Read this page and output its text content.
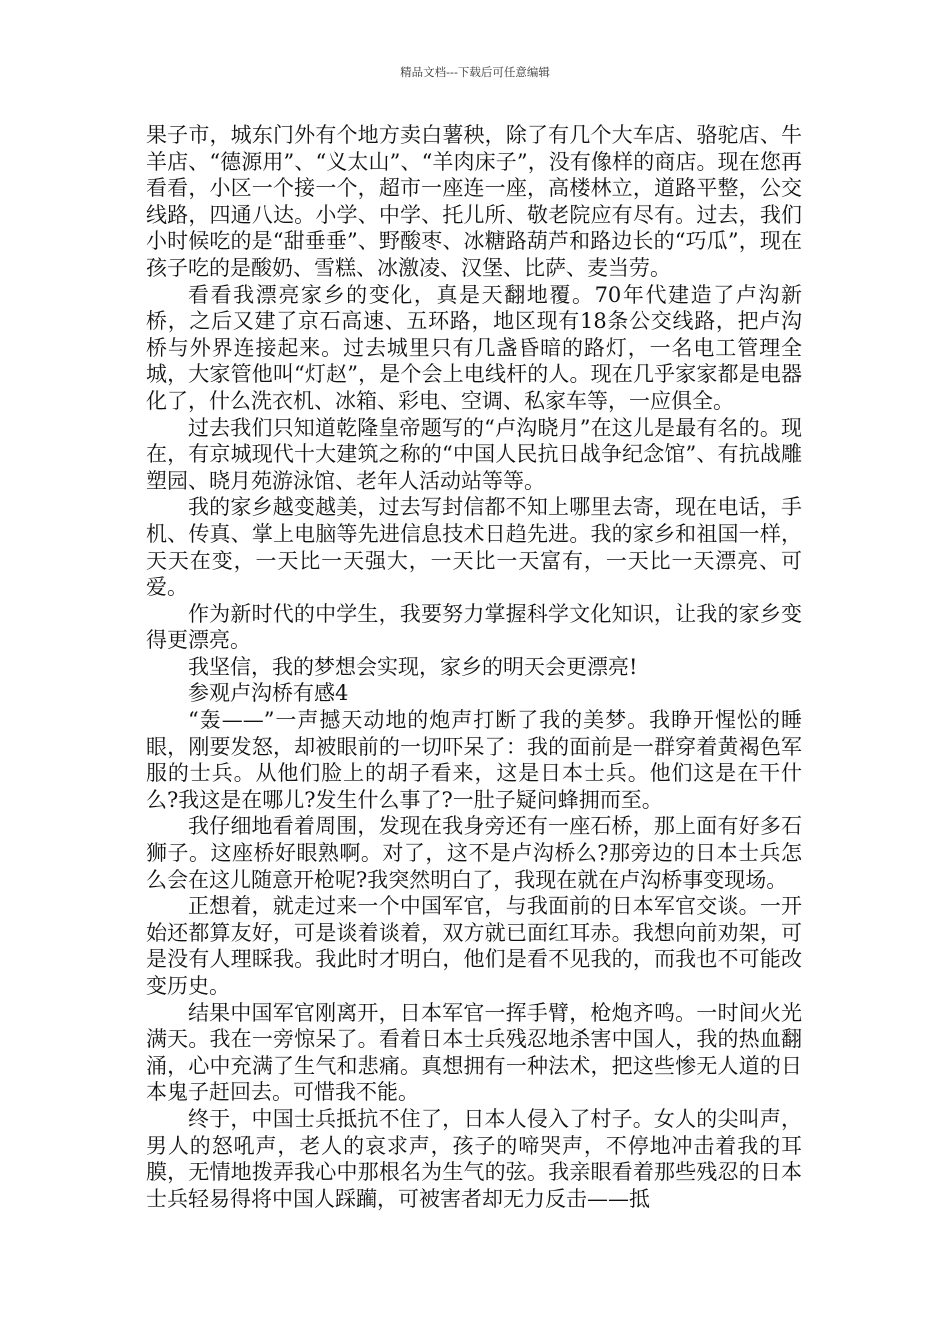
精品文档---下载后可任意编辑

果子市，城东门外有个地方卖白薯秧，除了有几个大车店、骆驼店、牛羊店、“德源用”、“义太山”、“羊肉床子”，没有像样的商店。现在您再看看，小区一个接一个，超市一座连一座，高楼林立，道路平整，公交线路，四通八达。小学、中学、托儿所、敬老院应有尽有。过去，我们小时候吃的是“甜垂垂”、野酸枣、冰糖路葫芦和路边长的“巧瓜”，现在孩子吃的是酸奶、雪糕、冰激凌、汉堡、比萨、麦当劳。

看看我漂亮家乡的变化，真是天翻地覆。70年代建造了卢沟新桥，之后又建了京石高速、五环路，地区现有18条公交线路，把卢沟桥与外界连接起来。过去城里只有几盏昏暗的路灯，一名电工管理全城，大家管他叫“灯赵”，是个会上电线杆的人。现在几乎家家都是电器化了，什么洗衣机、冰箱、彩电、空调、私家车等，一应俱全。

过去我们只知道乾隆皇帝题写的“卢沟晓月”在这儿是最有名的。现在，有京城现代十大建筑之称的“中国人民抗日战争纪念馆”、有抗战雕塑园、晓月苑游泳馆、老年人活动站等等。

我的家乡越变越美，过去写封信都不知上哪里去寄，现在电话，手机、传真、掌上电脑等先进信息技术日趋先进。我的家乡和祖国一样，天天在变，一天比一天强大，一天比一天富有，一天比一天漂亮、可爱。

作为新时代的中学生，我要努力掌握科学文化知识，让我的家乡变得更漂亮。

我坚信，我的梦想会实现，家乡的明天会更漂亮!

参观卢沟桥有感4

“轰——”一声撼天动地的炮声打断了我的美梦。我睁开惺忪的睡眼，刚要发怒，却被眼前的一切吓呆了：我的面前是一群穿着黄褐色军服的士兵。从他们脸上的胡子看来，这是日本士兵。他们这是在干什么?我这是在哪儿?发生什么事了?一肚子疑问蜂拥而至。

我仔细地看着周围，发现在我身旁还有一座石桥，那上面有好多石狮子。这座桥好眼熟啊。对了，这不是卢沟桥么?那旁边的日本士兵怎么会在这儿随意开枪呢?我突然明白了，我现在就在卢沟桥事变现场。

正想着，就走过来一个中国军官，与我面前的日本军官交谈。一开始还都算友好，可是谈着谈着，双方就已面红耳赤。我想向前劝架，可是没有人理睬我。我此时才明白，他们是看不见我的，而我也不可能改变历史。

结果中国军官刚离开，日本军官一挥手臂，枪炮齐鸣。一时间火光满天。我在一旁惊呆了。看着日本士兵残忍地杀害中国人，我的热血翻涌，心中充满了生气和悲痛。真想拥有一种法术，把这些惨无人道的日本鬼子赶回去。可惜我不能。

终于，中国士兵抵抗不住了，日本人侵入了村子。女人的尖叫声，男人的怒吼声，老人的哀求声，孩子的啼哭声，不停地冲击着我的耳膜，无情地拨弄我心中那根名为生气的弦。我亲眼看着那些残忍的日本士兵轻易得将中国人踩躏，可被害者却无力反击——抵
